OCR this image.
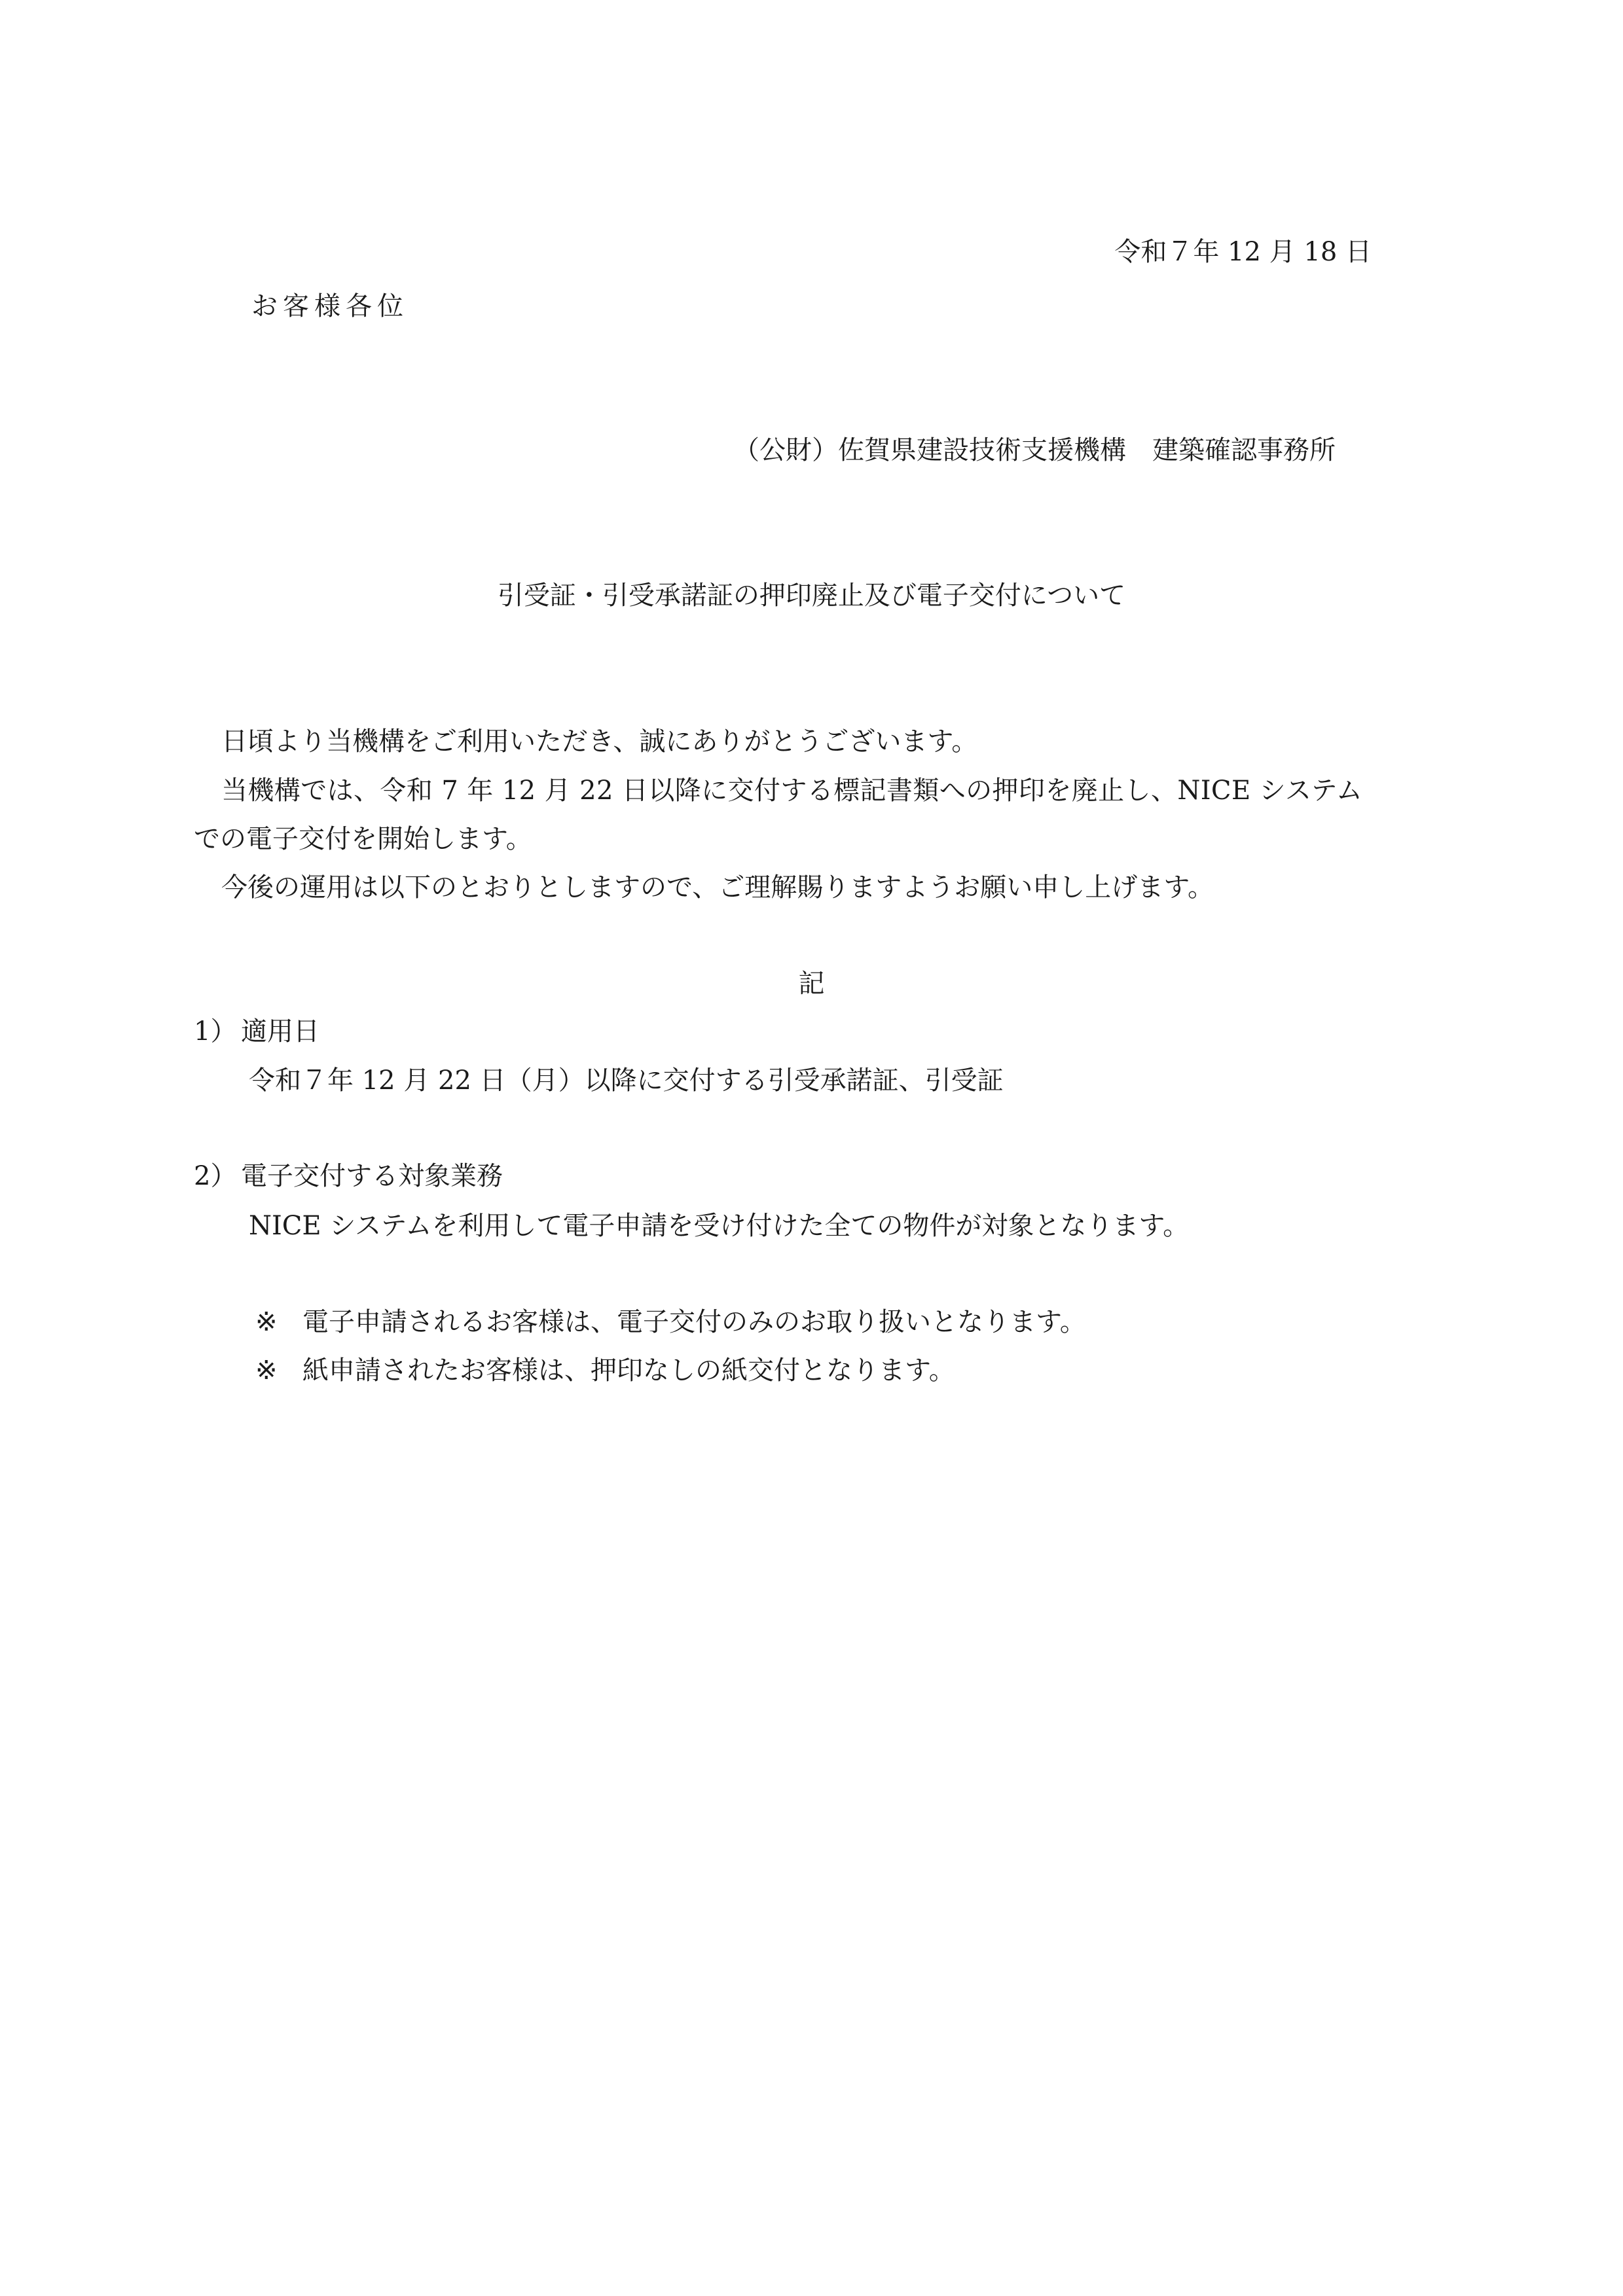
令和７年 12 月 18 日
お客様各位
（公財）佐賀県建設技術支援機構　建築確認事務所
引受証・引受承諾証の押印廃止及び電子交付について
日頃より当機構をご利用いただき、誠にありがとうございます。
当機構では、令和 7 年 12 月 22 日以降に交付する標記書類への押印を廃止し、NICE システム
での電子交付を開始します。
今後の運用は以下のとおりとしますので、ご理解賜りますようお願い申し上げます。
記
1） 適用日
令和７年 12 月 22 日（月）以降に交付する引受承諾証、引受証
2） 電子交付する対象業務
NICE システムを利用して電子申請を受け付けた全ての物件が対象となります。
※ 電子申請されるお客様は、電子交付のみのお取り扱いとなります。
※ 紙申請されたお客様は、押印なしの紙交付となります。
